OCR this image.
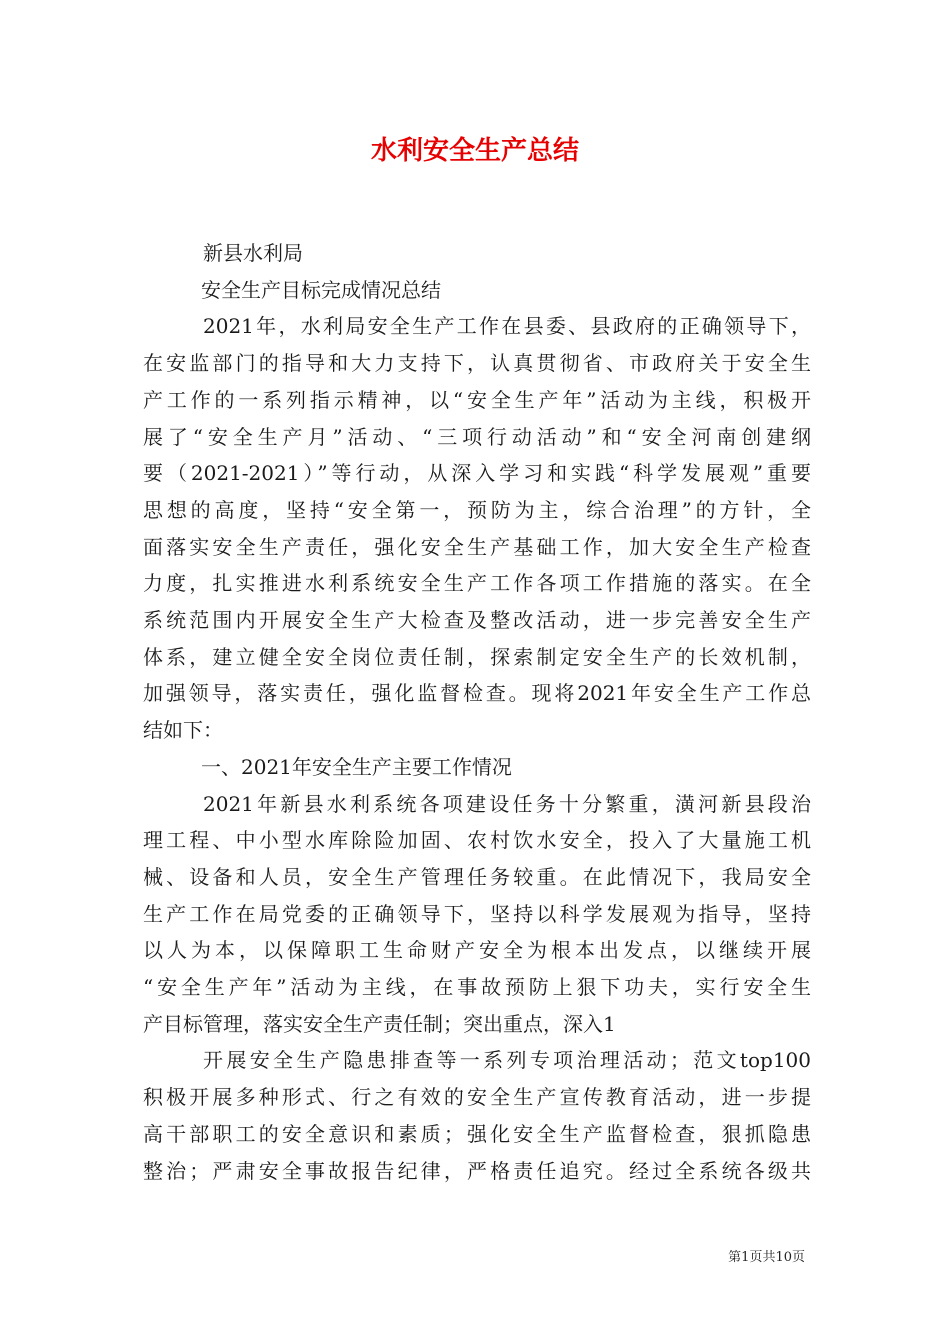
水利安全生产总结
新县水利局
安全生产目标完成情况总结
2021年，水利局安全生产工作在县委、县政府的正确领导下，
在安监部门的指导和大力支持下，认真贯彻省、市政府关于安全生
产工作的一系列指示精神，以“安全生产年”活动为主线，积极开
展了“安全生产月”活动、“三项行动活动”和“安全河南创建纲
要（2021-2021）”等行动，从深入学习和实践“科学发展观”重要
思想的高度，坚持“安全第一，预防为主，综合治理”的方针，全
面落实安全生产责任，强化安全生产基础工作，加大安全生产检查
力度，扎实推进水利系统安全生产工作各项工作措施的落实。在全
系统范围内开展安全生产大检查及整改活动，进一步完善安全生产
体系，建立健全安全岗位责任制，探索制定安全生产的长效机制，
加强领导，落实责任，强化监督检查。现将2021年安全生产工作总
结如下：
一、2021年安全生产主要工作情况
2021年新县水利系统各项建设任务十分繁重，潢河新县段治
理工程、中小型水库除险加固、农村饮水安全，投入了大量施工机
械、设备和人员，安全生产管理任务较重。在此情况下，我局安全
生产工作在局党委的正确领导下，坚持以科学发展观为指导，坚持
以人为本，以保障职工生命财产安全为根本出发点，以继续开展
“安全生产年”活动为主线，在事故预防上狠下功夫，实行安全生
产目标管理，落实安全生产责任制；突出重点，深入1
开展安全生产隐患排查等一系列专项治理活动；范文top100
积极开展多种形式、行之有效的安全生产宣传教育活动，进一步提
高干部职工的安全意识和素质；强化安全生产监督检查，狠抓隐患
整治；严肃安全事故报告纪律，严格责任追究。经过全系统各级共
第1页共10页
